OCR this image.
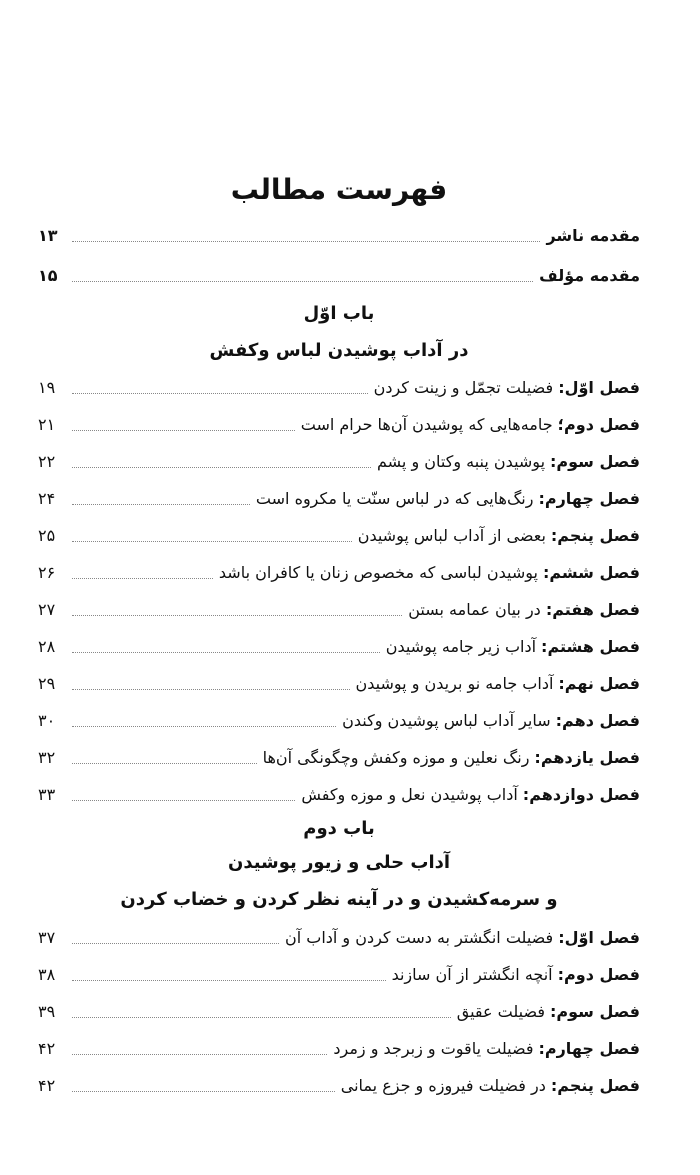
فهرست مطالب
مقدمه ناشر
۱۳
مقدمه مؤلف
۱۵
باب اوّل
در آداب پوشیدن لباس وکفش
فصل اوّل:
فضیلت تجمّل و زینت کردن
۱۹
فصل دوم؛
جامه‌هایی که پوشیدن آن‌ها حرام است
۲۱
فصل سوم:
پوشیدن پنبه وکتان و پشم
۲۲
فصل چهارم:
رنگ‌هایی که در لباس سنّت یا مکروه است
۲۴
فصل پنجم:
بعضی از آداب لباس پوشیدن
۲۵
فصل ششم:
پوشیدن لباسی که مخصوص زنان یا کافران باشد
۲۶
فصل هفتم:
در بیان عمامه بستن
۲۷
فصل هشتم:
آداب زیر جامه پوشیدن
۲۸
فصل نهم:
آداب جامه نو بریدن و پوشیدن
۲۹
فصل دهم:
سایر آداب لباس پوشیدن وکندن
۳۰
فصل یازدهم:
رنگ نعلین و موزه وکفش وچگونگی آن‌ها
۳۲
فصل دوازدهم:
آداب پوشیدن نعل و موزه وکفش
۳۳
باب دوم
آداب حلی و زیور پوشیدن
و سرمه‌کشیدن و در آینه نظر کردن و خضاب کردن
فصل اوّل:
فضیلت انگشتر به دست کردن و آداب آن
۳۷
فصل دوم:
آنچه انگشتر از آن سازند
۳۸
فصل سوم:
فضیلت عقیق
۳۹
فصل چهارم:
فضیلت یاقوت و زبرجد و زمرد
۴۲
فصل پنجم:
در فضیلت فیروزه و جزع یمانی
۴۲
